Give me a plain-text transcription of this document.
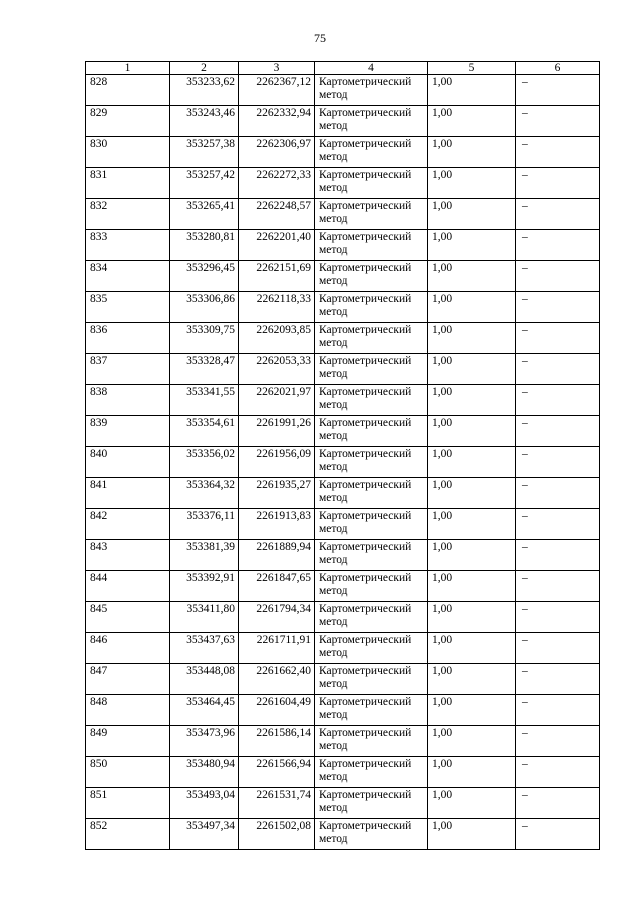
75
1	2	3	4	5	6
828	353233,62	2262367,12	Картометрический метод	1,00	–
829	353243,46	2262332,94	Картометрический метод	1,00	–
830	353257,38	2262306,97	Картометрический метод	1,00	–
831	353257,42	2262272,33	Картометрический метод	1,00	–
832	353265,41	2262248,57	Картометрический метод	1,00	–
833	353280,81	2262201,40	Картометрический метод	1,00	–
834	353296,45	2262151,69	Картометрический метод	1,00	–
835	353306,86	2262118,33	Картометрический метод	1,00	–
836	353309,75	2262093,85	Картометрический метод	1,00	–
837	353328,47	2262053,33	Картометрический метод	1,00	–
838	353341,55	2262021,97	Картометрический метод	1,00	–
839	353354,61	2261991,26	Картометрический метод	1,00	–
840	353356,02	2261956,09	Картометрический метод	1,00	–
841	353364,32	2261935,27	Картометрический метод	1,00	–
842	353376,11	2261913,83	Картометрический метод	1,00	–
843	353381,39	2261889,94	Картометрический метод	1,00	–
844	353392,91	2261847,65	Картометрический метод	1,00	–
845	353411,80	2261794,34	Картометрический метод	1,00	–
846	353437,63	2261711,91	Картометрический метод	1,00	–
847	353448,08	2261662,40	Картометрический метод	1,00	–
848	353464,45	2261604,49	Картометрический метод	1,00	–
849	353473,96	2261586,14	Картометрический метод	1,00	–
850	353480,94	2261566,94	Картометрический метод	1,00	–
851	353493,04	2261531,74	Картометрический метод	1,00	–
852	353497,34	2261502,08	Картометрический метод	1,00	–
